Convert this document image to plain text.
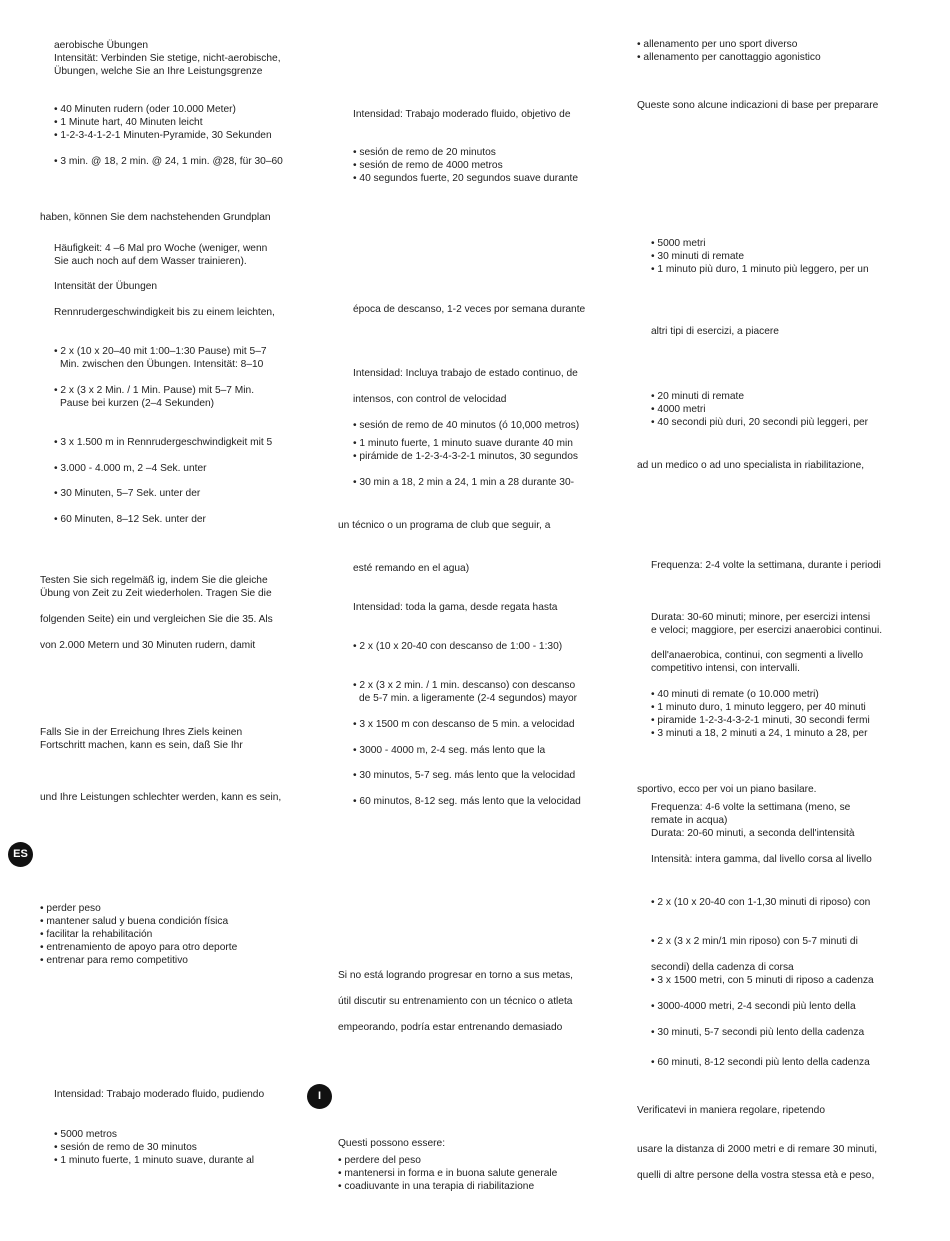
aerobische Übungen
Intensität: Verbinden Sie stetige, nicht-aerobische,
Übungen, welche Sie an Ihre Leistungsgrenze
• 40 Minuten rudern (oder 10.000 Meter)
• 1 Minute hart, 40 Minuten leicht
• 1-2-3-4-1-2-1 Minuten-Pyramide, 30 Sekunden
• 3 min. @ 18, 2 min. @ 24, 1 min. @28, für 30–60
haben, können Sie dem nachstehenden Grundplan
Häufigkeit: 4 –6 Mal pro Woche (weniger, wenn
Sie auch noch auf dem Wasser trainieren).
Intensität der Übungen
Rennrudergeschwindigkeit bis zu einem leichten,
• 2 x (10 x 20–40 mit 1:00–1:30 Pause) mit 5–7
Min. zwischen den Übungen. Intensität: 8–10
• 2 x (3 x 2 Min. / 1 Min. Pause) mit 5–7 Min.
Pause bei kurzen (2–4 Sekunden)
• 3 x 1.500 m in Rennrudergeschwindigkeit mit 5
• 3.000 - 4.000 m, 2 –4 Sek. unter
• 30 Minuten, 5–7 Sek. unter der
• 60 Minuten, 8–12 Sek. unter der
Testen Sie sich regelmäß ig, indem Sie die gleiche
Übung von Zeit zu Zeit wiederholen. Tragen Sie die
folgenden Seite) ein und vergleichen Sie die 35. Als
von 2.000 Metern und 30 Minuten rudern, damit
Falls Sie in der Erreichung Ihres Ziels keinen
Fortschritt machen, kann es sein, daß Sie Ihr
und Ihre Leistungen schlechter werden, kann es sein,
ES
• perder peso
• mantener salud y buena condición física
• facilitar la rehabilitación
• entrenamiento de apoyo para otro deporte
• entrenar para remo competitivo
Intensidad: Trabajo moderado fluido, pudiendo
• 5000 metros
• sesión de remo de 30 minutos
• 1 minuto fuerte, 1 minuto suave, durante al
Intensidad: Trabajo moderado fluido, objetivo de
• sesión de remo de 20 minutos
• sesión de remo de 4000 metros
• 40 segundos fuerte, 20 segundos suave durante
época de descanso, 1-2 veces por semana durante
Intensidad: Incluya trabajo de estado continuo, de
intensos, con control de velocidad
• sesión de remo de 40 minutos (ó 10,000 metros)
• 1 minuto fuerte, 1 minuto suave durante 40 min
• pirámide de 1-2-3-4-3-2-1 minutos, 30 segundos
• 30 min a 18, 2 min a 24, 1 min a 28 durante 30-
un técnico o un programa de club que seguir, a
esté remando en el agua)
Intensidad: toda la gama, desde regata hasta
• 2 x (10 x 20-40 con descanso de 1:00 - 1:30)
• 2 x (3 x 2 min. / 1 min. descanso) con descanso
de 5-7 min. a ligeramente (2-4 segundos) mayor
• 3 x 1500 m con descanso de 5 min. a velocidad
• 3000 - 4000 m, 2-4 seg. más lento que la
• 30 minutos, 5-7 seg. más lento que la velocidad
• 60 minutos, 8-12 seg. más lento que la velocidad
Si no está logrando progresar en torno a sus metas,
útil discutir su entrenamiento con un técnico o atleta
empeorando, podría estar entrenando demasiado
I
Questi possono essere:
• perdere del peso
• mantenersi in forma e in buona salute generale
• coadiuvante in una terapia di riabilitazione
• allenamento per uno sport diverso
• allenamento per canottaggio agonistico
Queste sono alcune indicazioni di base per preparare
• 5000 metri
• 30 minuti di remate
• 1 minuto più duro, 1 minuto più leggero, per un
altri tipi di esercizi, a piacere
• 20 minuti di remate
• 4000 metri
• 40 secondi più duri, 20 secondi più leggeri, per
ad un medico o ad uno specialista in riabilitazione,
Frequenza: 2-4 volte la settimana, durante i periodi
Durata: 30-60 minuti; minore, per esercizi intensi
e veloci; maggiore, per esercizi anaerobici continui.
dell'anaerobica, continui, con segmenti a livello
competitivo intensi, con intervalli.
• 40 minuti di remate (o 10.000 metri)
• 1 minuto duro, 1 minuto leggero, per 40 minuti
• piramide 1-2-3-4-3-2-1 minuti, 30 secondi fermi
• 3 minuti a 18, 2 minuti a 24, 1 minuto a 28, per
sportivo, ecco per voi un piano basilare.
Frequenza: 4-6 volte la settimana (meno, se
remate in acqua)
Durata: 20-60 minuti, a seconda dell'intensità
Intensità: intera gamma, dal livello corsa al livello
• 2 x (10 x 20-40 con 1-1,30 minuti di riposo) con
• 2 x (3 x 2 min/1 min riposo) con 5-7 minuti di
secondi) della cadenza di corsa
• 3 x 1500 metri, con 5 minuti di riposo a cadenza
• 3000-4000 metri, 2-4 secondi più lento della
• 30 minuti, 5-7 secondi più lento della cadenza
• 60 minuti, 8-12 secondi più lento della cadenza
Verificatevi in maniera regolare, ripetendo
usare la distanza di 2000 metri e di remare 30 minuti,
quelli di altre persone della vostra stessa età e peso,
